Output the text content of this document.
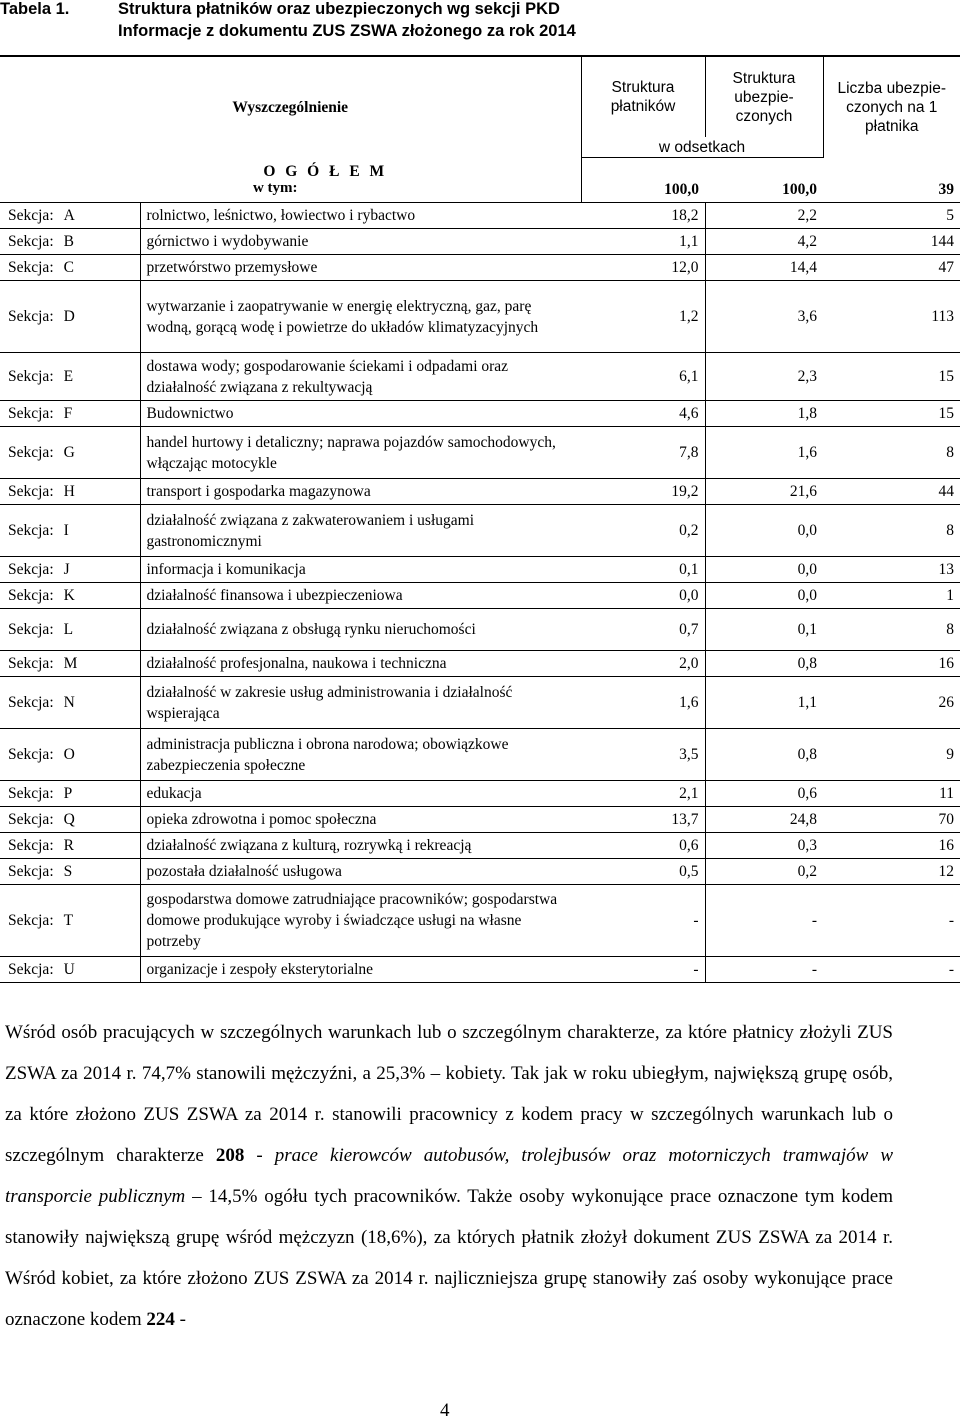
Tabela 1.	Struktura płatników oraz ubezpieczonych wg sekcji PKD
Informacje z dokumentu ZUS ZSWA złożonego za rok 2014
Wyszczególnienie		Struktura płatników	Struktura ubezpie-czonych	Liczba ubezpie-czonych na 1 płatnika
		w odsetkach		

O G Ó Ł E M
w tym:		100,0	100,0	39
Sekcja: A	rolnictwo, leśnictwo, łowiectwo i rybactwo	18,2	2,2	5
Sekcja: B	górnictwo i wydobywanie	1,1	4,2	144
Sekcja: C	przetwórstwo przemysłowe	12,0	14,4	47
Sekcja: D	wytwarzanie i zaopatrywanie w energię elektryczną, gaz, parę wodną, gorącą wodę i powietrze do układów klimatyzacyjnych	1,2	3,6	113
Sekcja: E	dostawa wody; gospodarowanie ściekami i odpadami oraz działalność związana z rekultywacją	6,1	2,3	15
Sekcja: F	Budownictwo	4,6	1,8	15
Sekcja: G	handel hurtowy i detaliczny; naprawa pojazdów samochodowych, włączając motocykle	7,8	1,6	8
Sekcja: H	transport i gospodarka magazynowa	19,2	21,6	44
Sekcja: I	działalność związana z zakwaterowaniem i usługami gastronomicznymi	0,2	0,0	8
Sekcja: J	informacja i komunikacja	0,1	0,0	13
Sekcja: K	działalność finansowa i ubezpieczeniowa	0,0	0,0	1
Sekcja: L	działalność związana z obsługą rynku nieruchomości	0,7	0,1	8
Sekcja: M	działalność profesjonalna, naukowa i techniczna	2,0	0,8	16
Sekcja: N	działalność w zakresie usług administrowania i działalność wspierająca	1,6	1,1	26
Sekcja: O	administracja publiczna i obrona narodowa; obowiązkowe zabezpieczenia społeczne	3,5	0,8	9
Sekcja: P	edukacja	2,1	0,6	11
Sekcja: Q	opieka zdrowotna i pomoc społeczna	13,7	24,8	70
Sekcja: R	działalność związana z kulturą, rozrywką i rekreacją	0,6	0,3	16
Sekcja: S	pozostała działalność usługowa	0,5	0,2	12
Sekcja: T	gospodarstwa domowe zatrudniające pracowników; gospodarstwa domowe produkujące wyroby i świadczące usługi na własne potrzeby	-	-	-
Sekcja: U	organizacje i zespoły eksterytorialne	-	-	-
Wśród osób pracujących w szczególnych warunkach lub o szczególnym charakterze, za które płatnicy złożyli ZUS ZSWA za 2014 r. 74,7% stanowili mężczyźni, a 25,3% – kobiety. Tak jak w roku ubiegłym, największą grupę osób, za które złożono ZUS ZSWA za 2014 r. stanowili pracownicy z kodem pracy w szczególnych warunkach lub o szczególnym charakterze 208 - prace kierowców autobusów, trolejbusów oraz motorniczych tramwajów w transporcie publicznym – 14,5% ogółu tych pracowników. Także osoby wykonujące prace oznaczone tym kodem stanowiły największą grupę wśród mężczyzn (18,6%), za których płatnik złożył dokument ZUS ZSWA za 2014 r. Wśród kobiet, za które złożono ZUS ZSWA za 2014 r. najliczniejsza grupę stanowiły zaś osoby wykonujące prace oznaczone kodem 224 -
4
